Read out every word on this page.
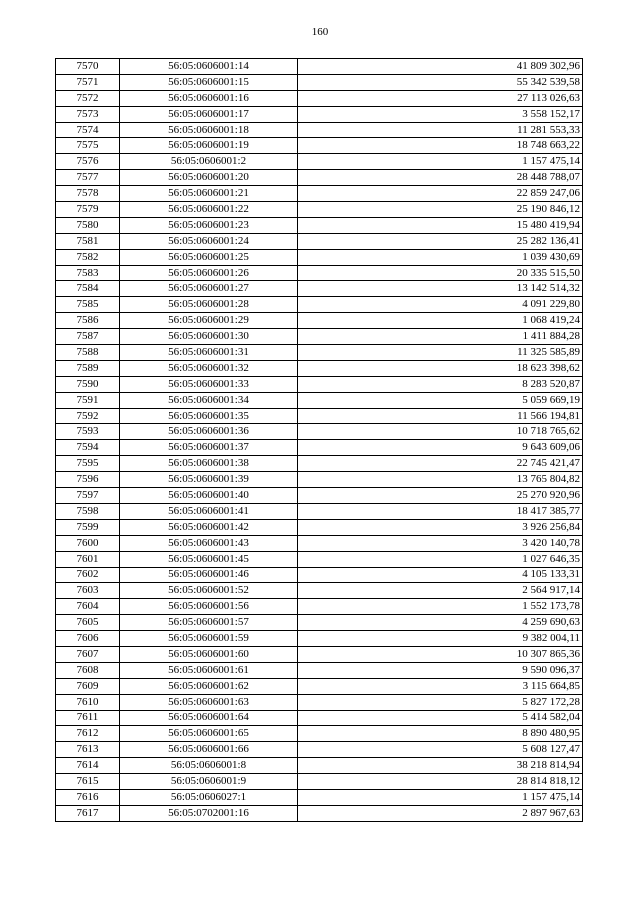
160
7570	56:05:0606001:14	41 809 302,96
7571	56:05:0606001:15	55 342 539,58
7572	56:05:0606001:16	27 113 026,63
7573	56:05:0606001:17	3 558 152,17
7574	56:05:0606001:18	11 281 553,33
7575	56:05:0606001:19	18 748 663,22
7576	56:05:0606001:2	1 157 475,14
7577	56:05:0606001:20	28 448 788,07
7578	56:05:0606001:21	22 859 247,06
7579	56:05:0606001:22	25 190 846,12
7580	56:05:0606001:23	15 480 419,94
7581	56:05:0606001:24	25 282 136,41
7582	56:05:0606001:25	1 039 430,69
7583	56:05:0606001:26	20 335 515,50
7584	56:05:0606001:27	13 142 514,32
7585	56:05:0606001:28	4 091 229,80
7586	56:05:0606001:29	1 068 419,24
7587	56:05:0606001:30	1 411 884,28
7588	56:05:0606001:31	11 325 585,89
7589	56:05:0606001:32	18 623 398,62
7590	56:05:0606001:33	8 283 520,87
7591	56:05:0606001:34	5 059 669,19
7592	56:05:0606001:35	11 566 194,81
7593	56:05:0606001:36	10 718 765,62
7594	56:05:0606001:37	9 643 609,06
7595	56:05:0606001:38	22 745 421,47
7596	56:05:0606001:39	13 765 804,82
7597	56:05:0606001:40	25 270 920,96
7598	56:05:0606001:41	18 417 385,77
7599	56:05:0606001:42	3 926 256,84
7600	56:05:0606001:43	3 420 140,78
7601	56:05:0606001:45	1 027 646,35
7602	56:05:0606001:46	4 105 133,31
7603	56:05:0606001:52	2 564 917,14
7604	56:05:0606001:56	1 552 173,78
7605	56:05:0606001:57	4 259 690,63
7606	56:05:0606001:59	9 382 004,11
7607	56:05:0606001:60	10 307 865,36
7608	56:05:0606001:61	9 590 096,37
7609	56:05:0606001:62	3 115 664,85
7610	56:05:0606001:63	5 827 172,28
7611	56:05:0606001:64	5 414 582,04
7612	56:05:0606001:65	8 890 480,95
7613	56:05:0606001:66	5 608 127,47
7614	56:05:0606001:8	38 218 814,94
7615	56:05:0606001:9	28 814 818,12
7616	56:05:0606027:1	1 157 475,14
7617	56:05:0702001:16	2 897 967,63
